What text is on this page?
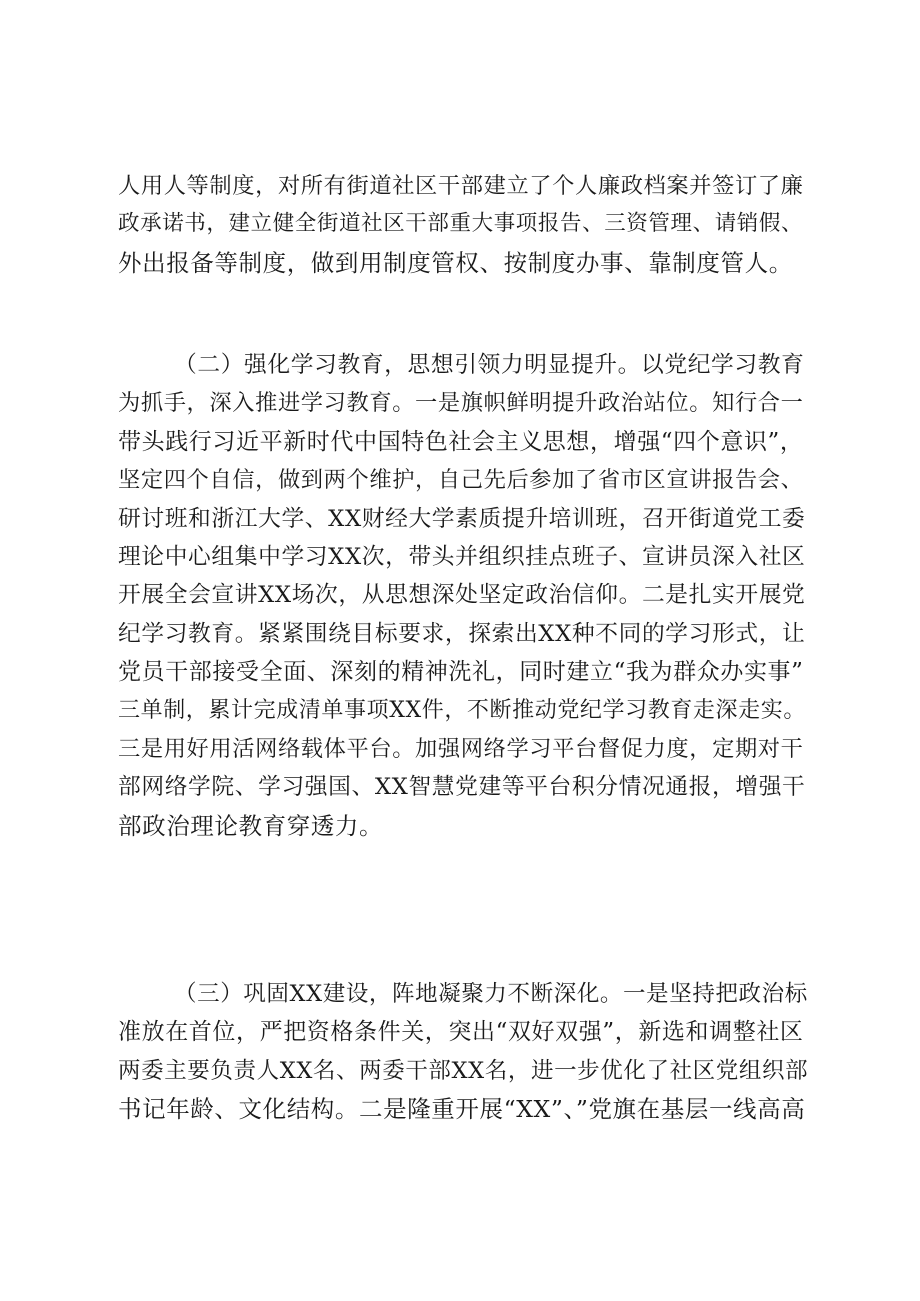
人用人等制度，对所有街道社区干部建立了个人廉政档案并签订了廉
政承诺书，建立健全街道社区干部重大事项报告、三资管理、请销假、
外出报备等制度，做到用制度管权、按制度办事、靠制度管人。
（二）强化学习教育，思想引领力明显提升。以党纪学习教育
为抓手，深入推进学习教育。一是旗帜鲜明提升政治站位。知行合一
带头践行习近平新时代中国特色社会主义思想，增强“四个意识”，
坚定四个自信，做到两个维护，自己先后参加了省市区宣讲报告会、
研讨班和浙江大学、XX财经大学素质提升培训班，召开街道党工委
理论中心组集中学习XX次，带头并组织挂点班子、宣讲员深入社区
开展全会宣讲XX场次，从思想深处坚定政治信仰。二是扎实开展党
纪学习教育。紧紧围绕目标要求，探索出XX种不同的学习形式，让
党员干部接受全面、深刻的精神洗礼，同时建立“我为群众办实事”
三单制，累计完成清单事项XX件，不断推动党纪学习教育走深走实。
三是用好用活网络载体平台。加强网络学习平台督促力度，定期对干
部网络学院、学习强国、XX智慧党建等平台积分情况通报，增强干
部政治理论教育穿透力。
（三）巩固XX建设，阵地凝聚力不断深化。一是坚持把政治标
准放在首位，严把资格条件关，突出“双好双强”，新选和调整社区
两委主要负责人XX名、两委干部XX名，进一步优化了社区党组织部
书记年龄、文化结构。二是隆重开展“XX”、”党旗在基层一线高高
